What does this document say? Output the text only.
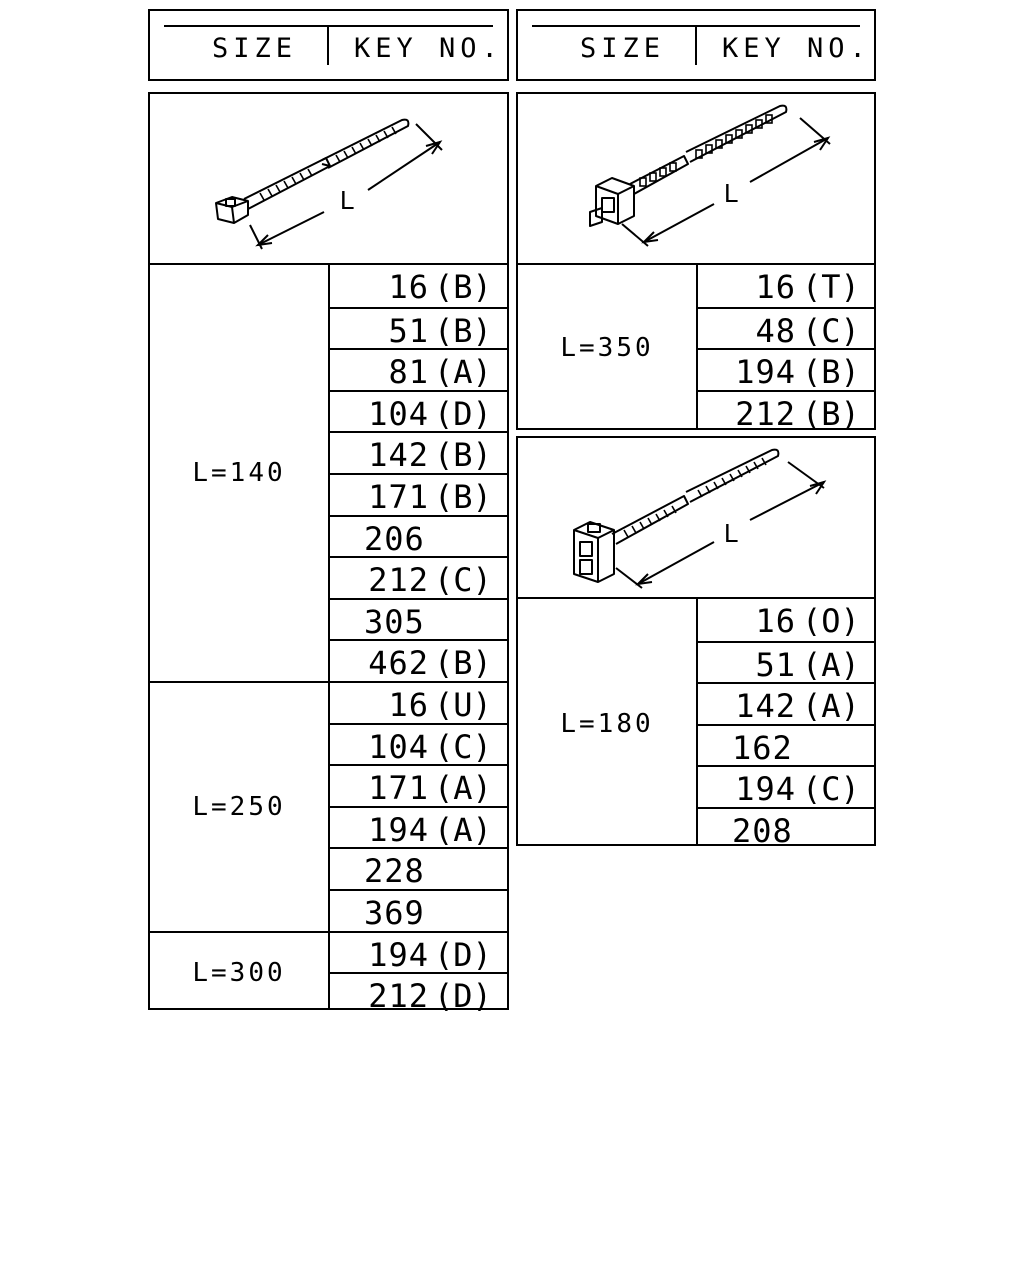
SIZE KEY NO.	SIZE KEY NO.
L
L=140
16 (B)
51 (B)
81 (A)
104 (D)
142 (B)
171 (B)
206
212 (C)
305
462 (B)
L=250
16 (U)
104 (C)
171 (A)
194 (A)
228
369
L=300	194 (D)
212 (D)
L
L=350
16 (T)
48 (C)
194 (B)
212 (B)
L
L=180
16 (O)
51 (A)
142 (A)
162
194 (C)
208
